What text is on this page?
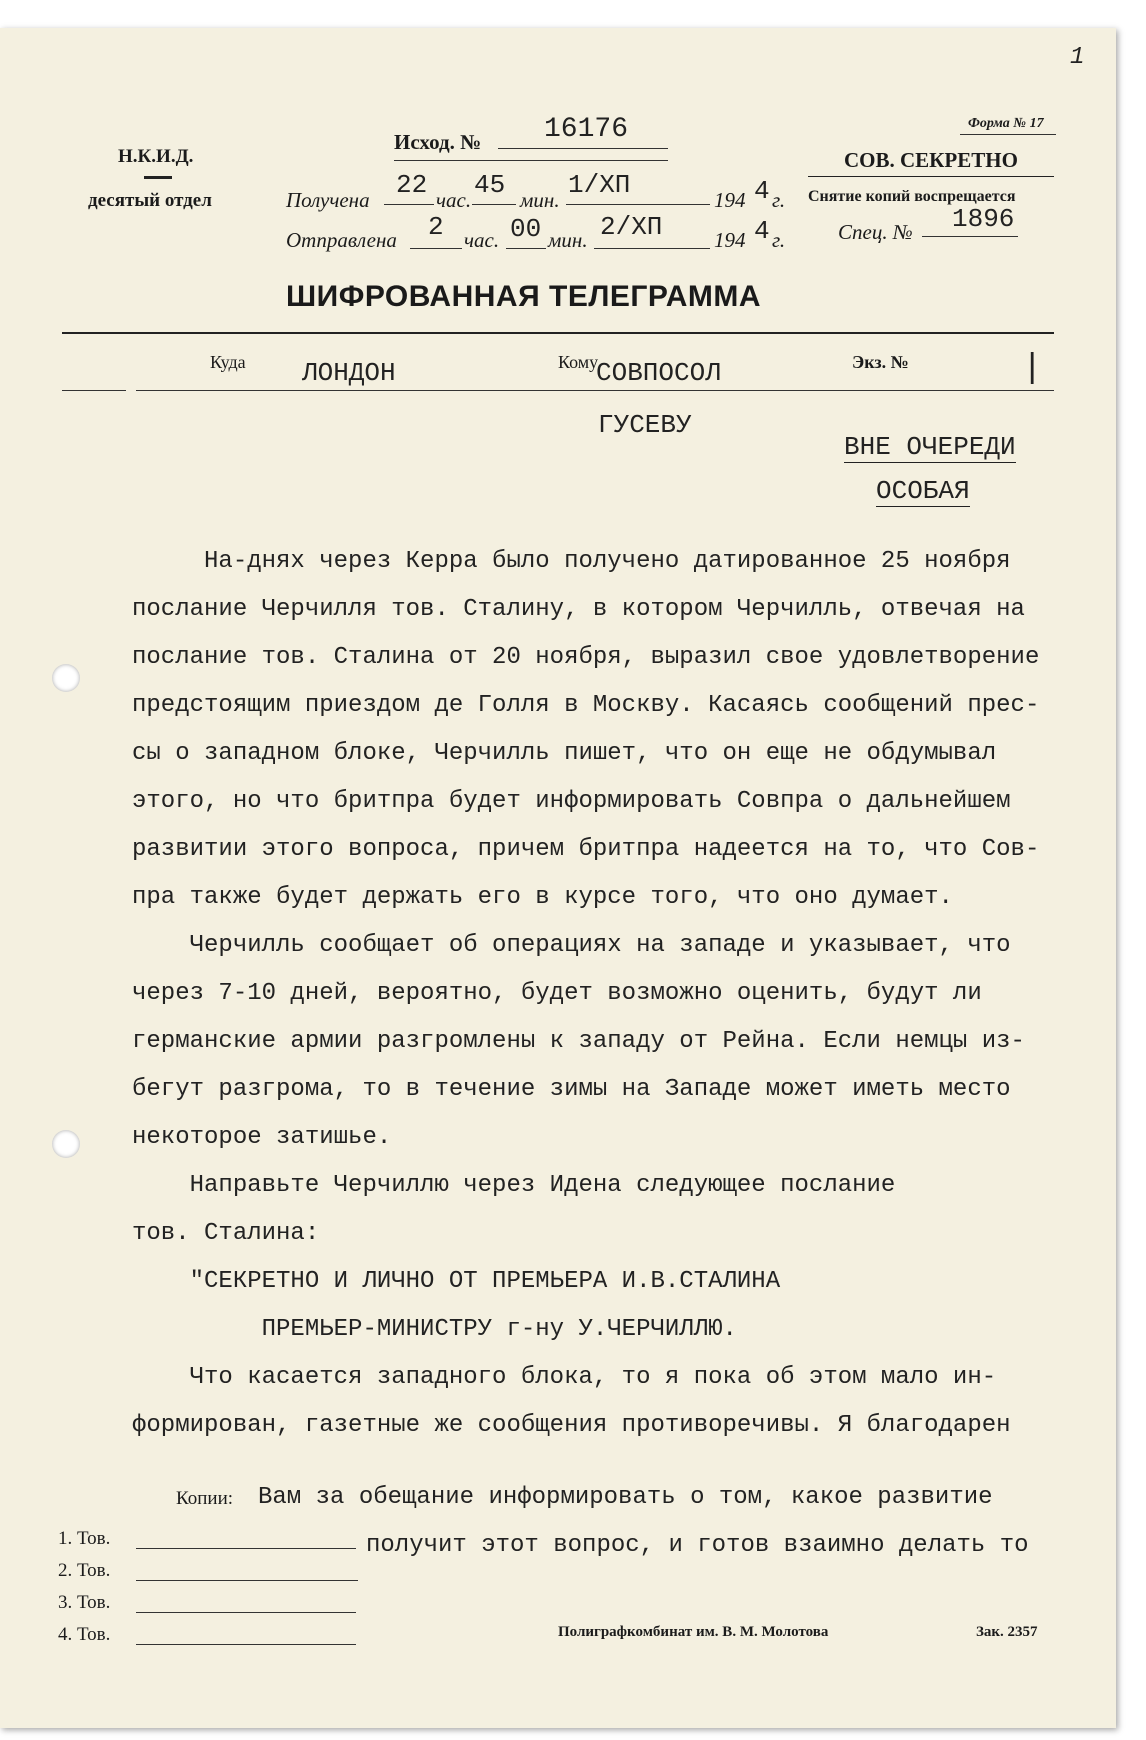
1
Н.К.И.Д.
десятый отдел
Исход. № 16176
Получена 22 час. 45 мин. 1/XП	194 4 г.
Отправлена 2 час. 00 мин. 2/XП 194 4 г.
Форма № 17
СОВ. СЕКРЕТНО
Снятие копий воспрещается
Спец. № 1896
ШИФРОВАННАЯ ТЕЛЕГРАММА
Куда ЛОНДОН	Кому
СОВПОСОЛ	Экз. №	|
ГУСЕВУ
ВНЕ ОЧЕРЕДИ
ОСОБАЯ
На-днях через Керра было получено датированное 25 ноября
послание Черчилля тов. Сталину, в котором Черчилль, отвечая на
послание тов. Сталина от 20 ноября, выразил свое удовлетворение
предстоящим приездом де Голля в Москву. Касаясь сообщений прес-
сы о западном блоке, Черчилль пишет, что он еще не обдумывал
этого, но что бритпра будет информировать Совпра о дальнейшем
развитии этого вопроса, причем бритпра надеется на то, что Сов-
пра также будет держать его в курсе того, что оно думает.
Черчилль сообщает об операциях на западе и указывает, что
через 7-10 дней, вероятно, будет возможно оценить, будут ли
германские армии разгромлены к западу от Рейна. Если немцы из-
бегут разгрома, то в течение зимы на Западе может иметь место
некоторое затишье.
Направьте Черчиллю через Идена следующее послание
тов. Сталина:
"СЕКРЕТНО И ЛИЧНО ОТ ПРЕМЬЕРА И.В.СТАЛИНА
ПРЕМЬЕР-МИНИСТРУ г-ну У.ЧЕРЧИЛЛЮ.
Что касается западного блока, то я пока об этом мало ин-
формирован, газетные же сообщения противоречивы. Я благодарен
Копии:
1. Тов.
2. Тов.
3. Тов.
4. Тов.
Вам за обещание информировать о том, какое развитие
получит этот вопрос, и готов взаимно делать то
Полиграфкомбинат им. В. М. Молотова	Зак. 2357
